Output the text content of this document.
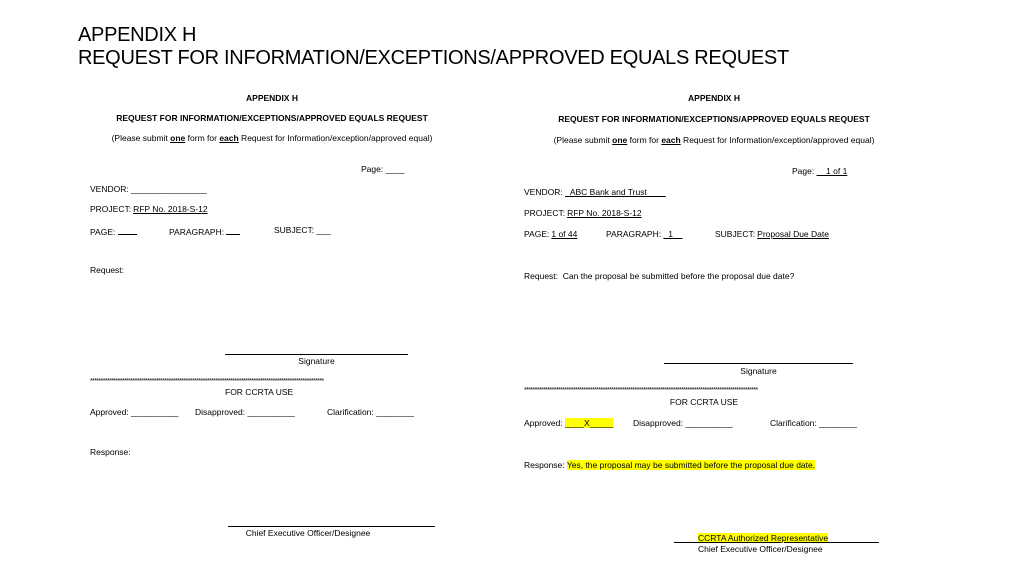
APPENDIX H
REQUEST FOR INFORMATION/EXCEPTIONS/APPROVED EQUALS REQUEST
APPENDIX H
REQUEST FOR INFORMATION/EXCEPTIONS/APPROVED EQUALS REQUEST
(Please submit one form for each Request for Information/exception/approved equal)
Page: ____
VENDOR: ________________
PROJECT: RFP No. 2018-S-12
PAGE:	PARAGRAPH:	SUBJECT: ___
Request:
Signature
**************************************************************************************************************
FOR CCRTA USE
Approved: __________ Disapproved: __________	Clarification: ________
Response:
Chief Executive Officer/Designee
APPENDIX H
REQUEST FOR INFORMATION/EXCEPTIONS/APPROVED EQUALS REQUEST
(Please submit one form for each Request for Information/exception/approved equal)
Page: __1 of 1
VENDOR: _ABC Bank and Trust____
PROJECT: RFP No. 2018-S-12
PAGE: 1 of 44	PARAGRAPH: _1__	SUBJECT: Proposal Due Date
Request: Can the proposal be submitted before the proposal due date?
Signature
**************************************************************************************************************
FOR CCRTA USE
Approved: ____X_____ Disapproved: __________	Clarification: ________
Response: Yes, the proposal may be submitted before the proposal due date.
CCRTA Authorized Representative
Chief Executive Officer/Designee
